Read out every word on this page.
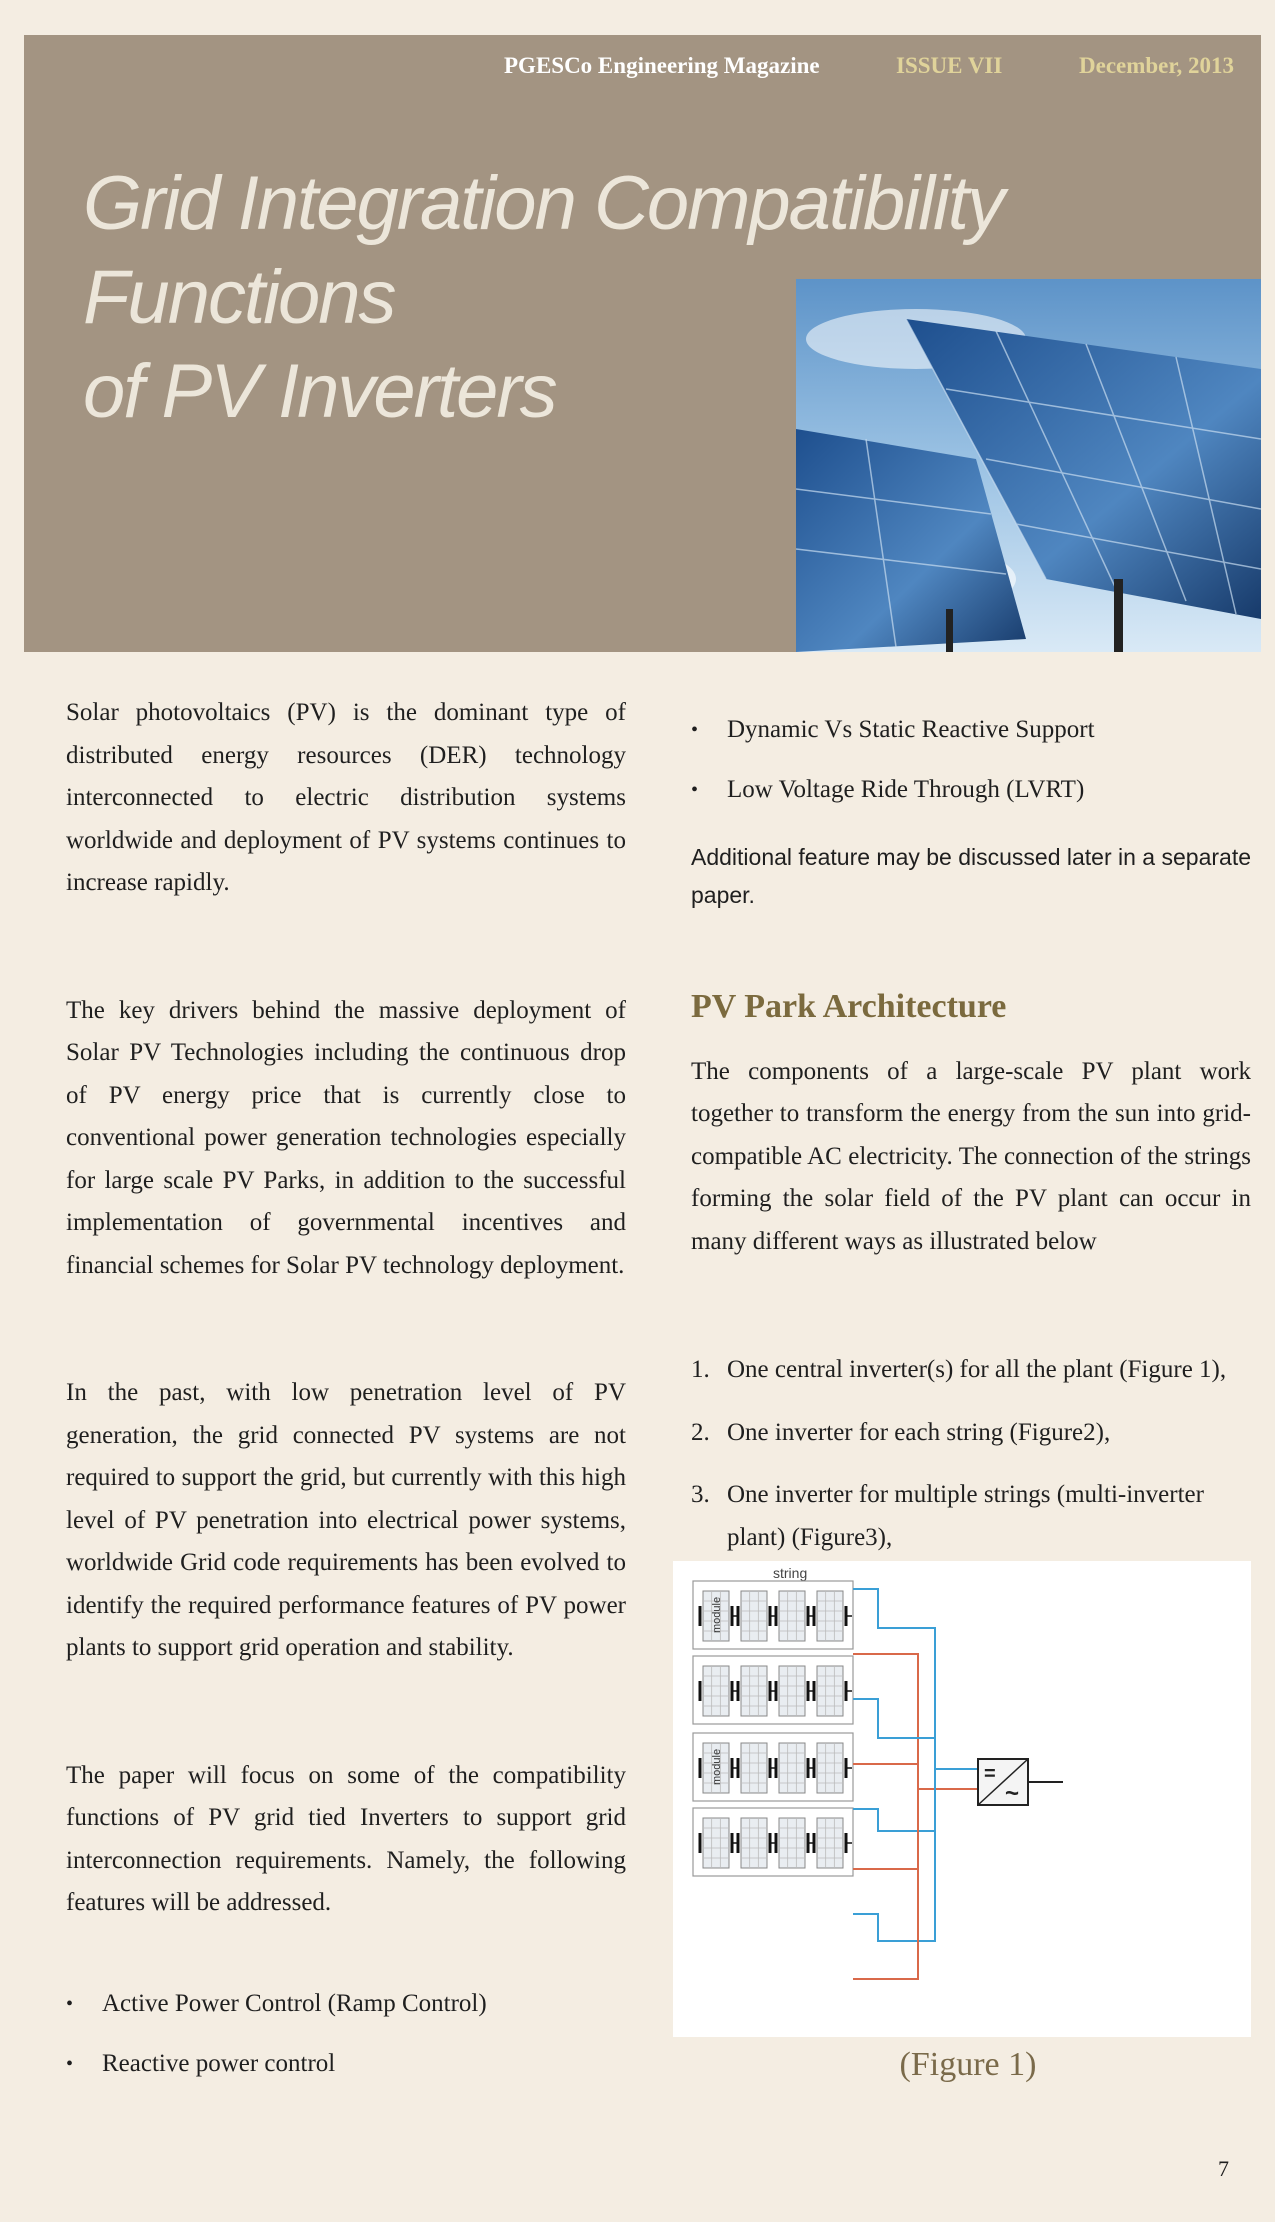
PGESCo Engineering Magazine	ISSUE VII	December, 2013
Grid Integration Compatibility Functions
of PV Inverters

Solar photovoltaics (PV) is the dominant type of distributed energy resources (DER) technology interconnected to electric distribution systems worldwide and deployment of PV systems continues to increase rapidly.

The key drivers behind the massive deployment of Solar PV Technologies including the continuous drop of PV energy price that is currently close to conventional power generation technologies especially for large scale PV Parks, in addition to the successful implementation of governmental incentives and financial schemes for Solar PV technology deployment.

In the past, with low penetration level of PV generation, the grid connected PV systems are not required to support the grid, but currently with this high level of PV penetration into electrical power systems, worldwide Grid code requirements has been evolved to identify the required performance features of PV power plants to support grid operation and stability.

The paper will focus on some of the compatibility functions of PV grid tied Inverters to support grid interconnection requirements. Namely, the following features will be addressed.

•	Active Power Control (Ramp Control)
•	Reactive power control
•	Dynamic Vs Static Reactive Support
•	Low Voltage Ride Through (LVRT)

Additional feature may be discussed later in a separate paper.

PV Park Architecture

The components of a large-scale PV plant work together to transform the energy from the sun into grid-compatible AC electricity. The connection of the strings forming the solar field of the PV plant can occur in many different ways as illustrated below

1. One central inverter(s) for all the plant (Figure 1),
2. One inverter for each string (Figure2),
3. One inverter for multiple strings (multi-inverter plant) (Figure3),
string
module
module	=
~
(Figure 1)
7
